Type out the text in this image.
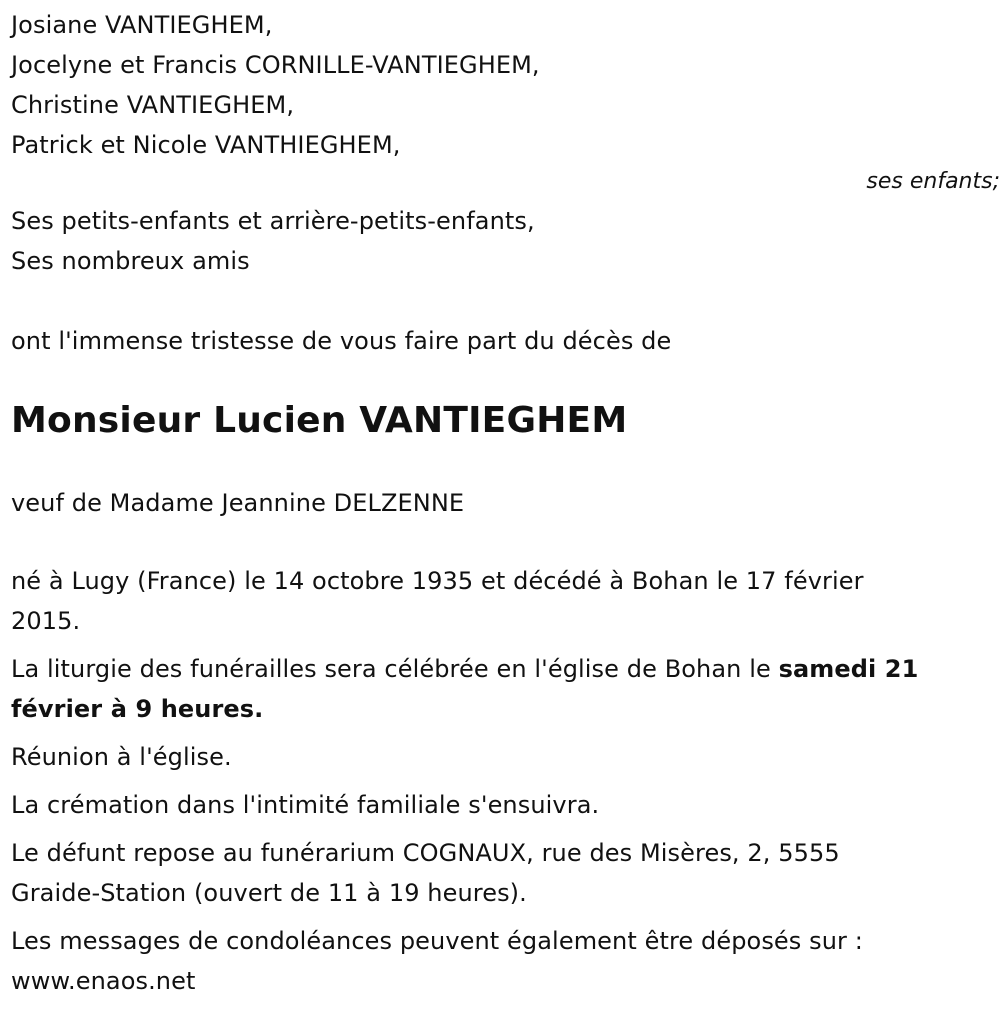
Josiane VANTIEGHEM,
Jocelyne et Francis CORNILLE-VANTIEGHEM,
Christine VANTIEGHEM,
Patrick et Nicole VANTHIEGHEM,
ses enfants;
Ses petits-enfants et arrière-petits-enfants,
Ses nombreux amis
ont l'immense tristesse de vous faire part du décès de
Monsieur Lucien VANTIEGHEM
veuf de Madame Jeannine DELZENNE
né à Lugy (France) le 14 octobre 1935 et décédé à Bohan le 17 février
2015.
La liturgie des funérailles sera célébrée en l'église de Bohan le samedi 21
février à 9 heures.
Réunion à l'église.
La crémation dans l'intimité familiale s'ensuivra.
Le défunt repose au funérarium COGNAUX, rue des Misères, 2, 5555
Graide-Station (ouvert de 11 à 19 heures).
Les messages de condoléances peuvent également être déposés sur :
www.enaos.net
